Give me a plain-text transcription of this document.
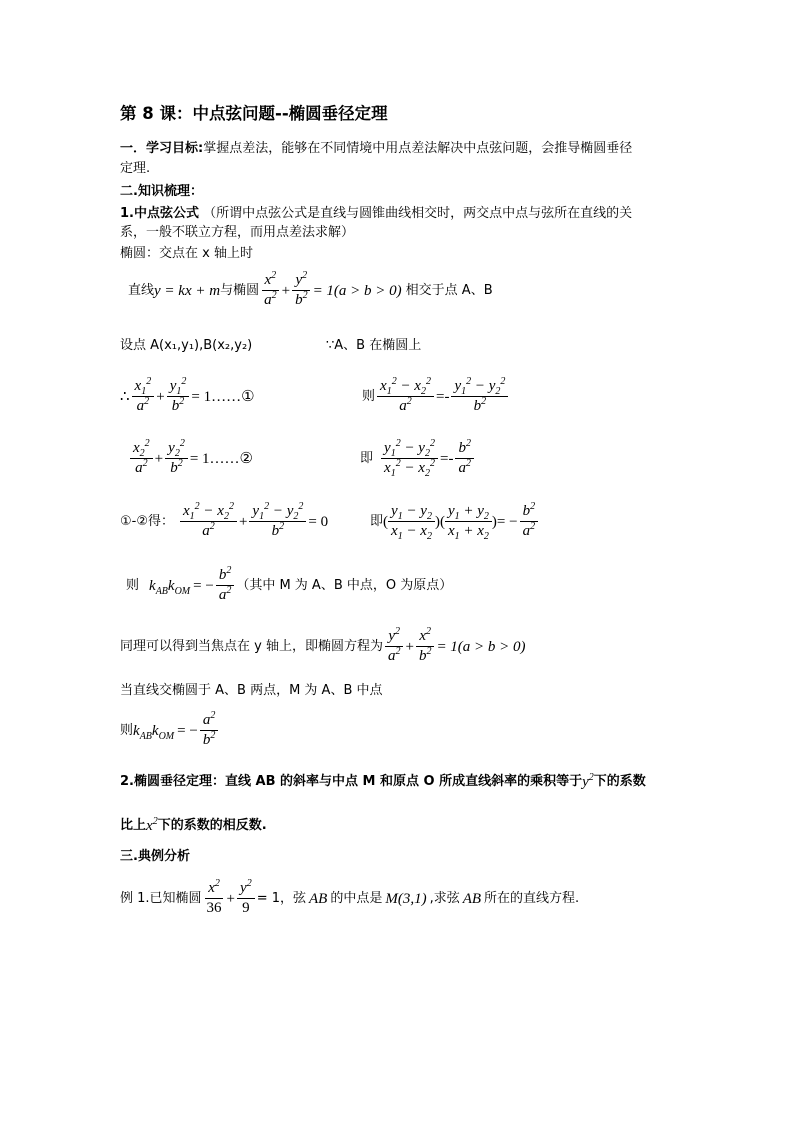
第 8 课：中点弦问题--椭圆垂径定理
一．学习目标:掌握点差法，能够在不同情境中用点差法解决中点弦问题，会推导椭圆垂径
定理.
二.知识梳理：
1.中点弦公式 （所谓中点弦公式是直线与圆锥曲线相交时，两交点中点与弦所在直线的关
系，一般不联立方程，而用点差法求解）
椭圆：交点在 x 轴上时
直线 y = kx + m 与椭圆 $\frac{x^2}{a^2} + \frac{y^2}{b^2} = 1(a > b > 0)$ 相交于点 A、B
设点 A(x₁,y₁),B(x₂,y₂)	∵A、B 在椭圆上
∴ $\frac{x_1^2}{a^2} + \frac{y_1^2}{b^2}$ = 1……①	则 $\frac{x_1^2 - x_2^2}{a^2}$ = - $\frac{y_1^2 - y_2^2}{b^2}$
$\frac{x_2^2}{a^2} + \frac{y_2^2}{b^2}$ = 1……②	即 $\frac{y_1^2 - y_2^2}{x_1^2 - x_2^2}$ = - $\frac{b^2}{a^2}$
①-②得： $\frac{x_1^2 - x_2^2}{a^2} + \frac{y_1^2 - y_2^2}{b^2} = 0$	即 ( $\frac{y_1 - y_2}{x_1 - x_2}$ )( $\frac{y_1 + y_2}{x_1 + x_2}$ ) = − $\frac{b^2}{a^2}$
则 $k_{AB}k_{OM}$ = − $\frac{b^2}{a^2}$ （其中 M 为 A、B 中点，O 为原点）
同理可以得到当焦点在 y 轴上，即椭圆方程为 $\frac{y^2}{a^2} + \frac{x^2}{b^2} = 1(a > b > 0)$
当直线交椭圆于 A、B 两点，M 为 A、B 中点
则 $k_{AB}k_{OM}$ = − $\frac{a^2}{b^2}$
2.椭圆垂径定理：直线 AB 的斜率与中点 M 和原点 O 所成直线斜率的乘积等于 $y^2$ 下的系数
比上 $x^2$ 下的系数的相反数.
三.典例分析
例 1.已知椭圆 $\frac{x^2}{36} + \frac{y^2}{9} = 1$，弦 AB 的中点是 M(3,1) ,求弦 AB 所在的直线方程.
